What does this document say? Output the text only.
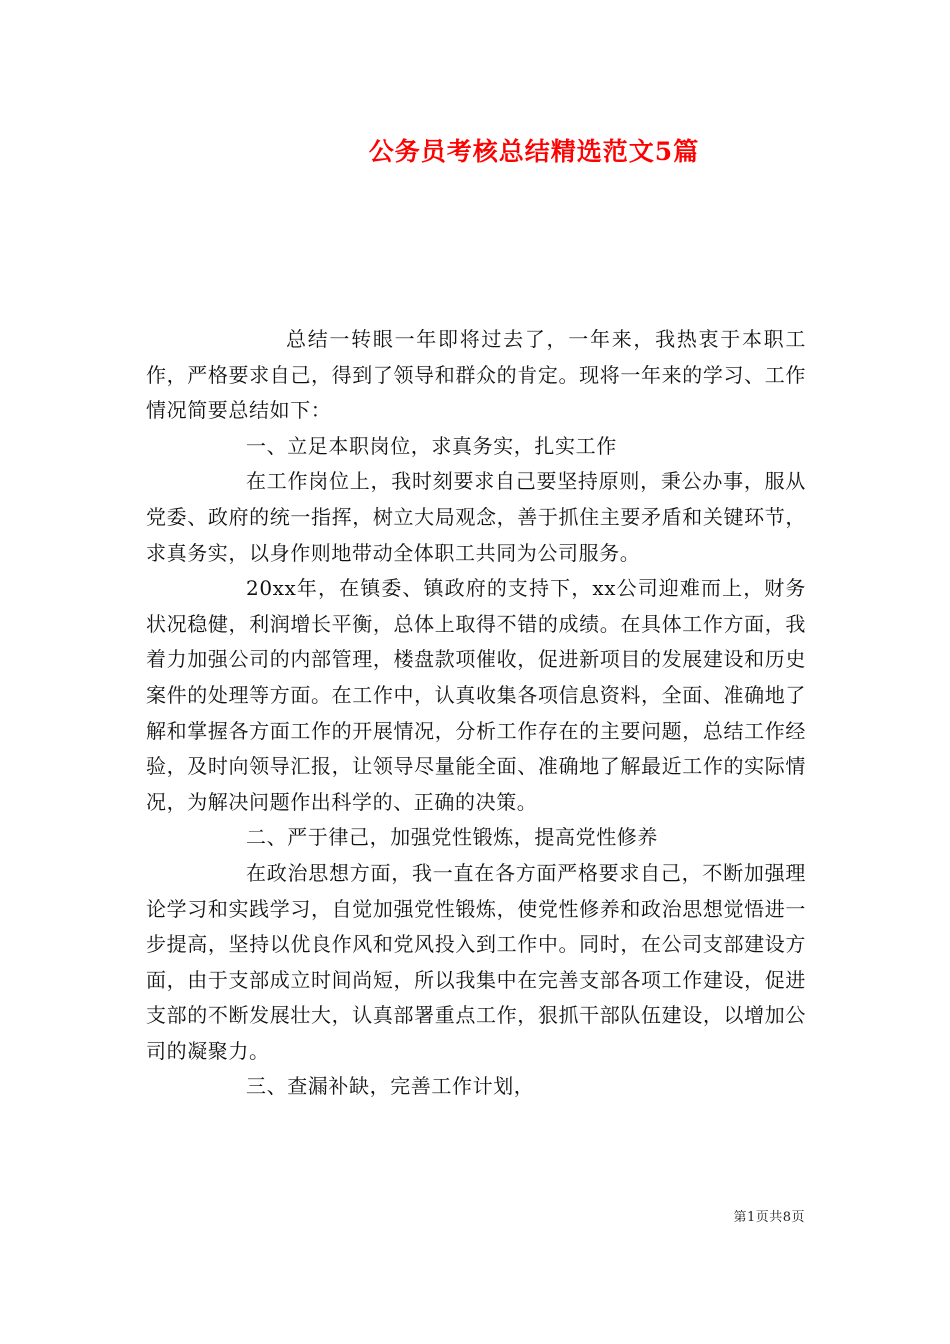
公务员考核总结精选范文5篇

总结一转眼一年即将过去了，一年来，我热衷于本职工作，严格要求自己，得到了领导和群众的肯定。现将一年来的学习、工作情况简要总结如下：

一、立足本职岗位，求真务实，扎实工作

在工作岗位上，我时刻要求自己要坚持原则，秉公办事，服从党委、政府的统一指挥，树立大局观念，善于抓住主要矛盾和关键环节，求真务实，以身作则地带动全体职工共同为公司服务。

20xx年，在镇委、镇政府的支持下，xx公司迎难而上，财务状况稳健，利润增长平衡，总体上取得不错的成绩。在具体工作方面，我着力加强公司的内部管理，楼盘款项催收，促进新项目的发展建设和历史案件的处理等方面。在工作中，认真收集各项信息资料，全面、准确地了解和掌握各方面工作的开展情况，分析工作存在的主要问题，总结工作经验，及时向领导汇报，让领导尽量能全面、准确地了解最近工作的实际情况，为解决问题作出科学的、正确的决策。

二、严于律己，加强党性锻炼，提高党性修养

在政治思想方面，我一直在各方面严格要求自己，不断加强理论学习和实践学习，自觉加强党性锻炼，使党性修养和政治思想觉悟进一步提高，坚持以优良作风和党风投入到工作中。同时，在公司支部建设方面，由于支部成立时间尚短，所以我集中在完善支部各项工作建设，促进支部的不断发展壮大，认真部署重点工作，狠抓干部队伍建设，以增加公司的凝聚力。

三、查漏补缺，完善工作计划，

第1页共8页
